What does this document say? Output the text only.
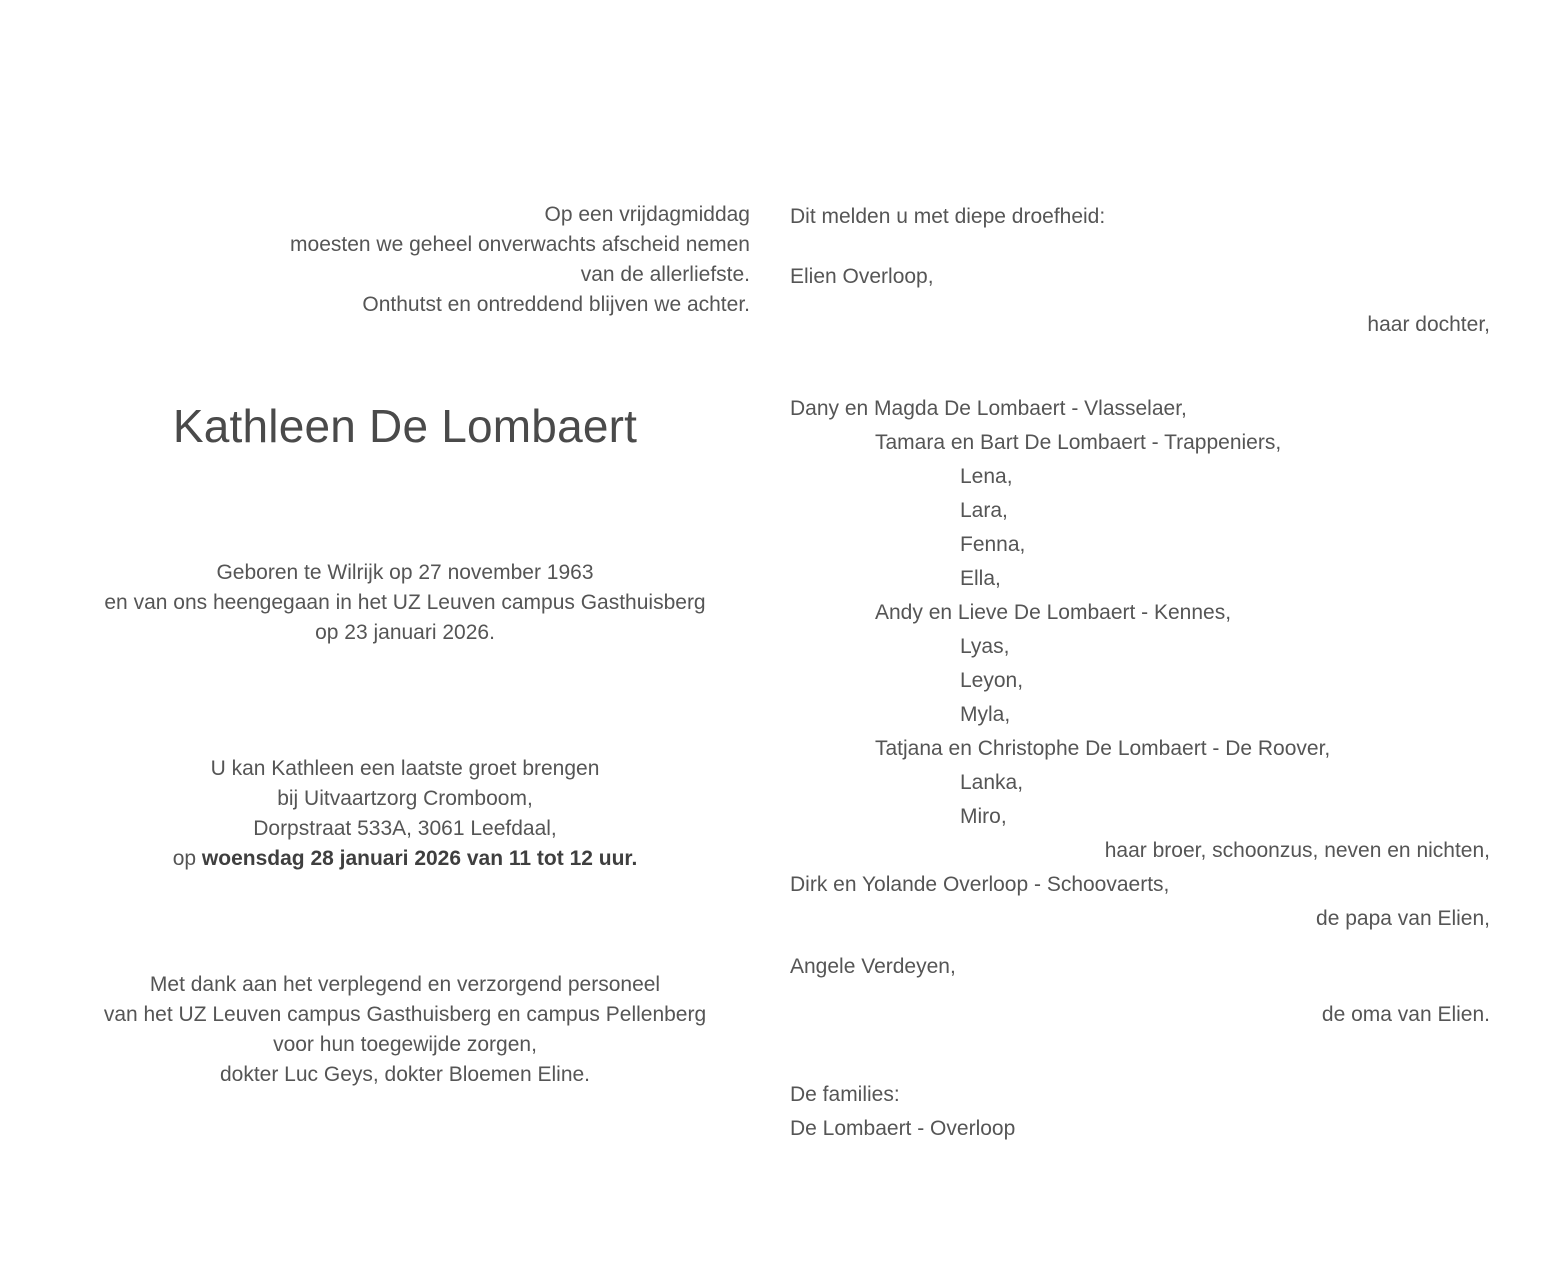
Op een vrijdagmiddag
moesten we geheel onverwachts afscheid nemen
van de allerliefste.
Onthutst en ontreddend blijven we achter.
Kathleen De Lombaert
Geboren te Wilrijk op 27 november 1963
en van ons heengegaan in het UZ Leuven campus Gasthuisberg
op 23 januari 2026.
U kan Kathleen een laatste groet brengen
bij Uitvaartzorg Cromboom,
Dorpstraat 533A, 3061 Leefdaal,
op woensdag 28 januari 2026 van 11 tot 12 uur.
Met dank aan het verplegend en verzorgend personeel
van het UZ Leuven campus Gasthuisberg en campus Pellenberg
voor hun toegewijde zorgen,
dokter Luc Geys, dokter Bloemen Eline.
Dit melden u met diepe droefheid:
Elien Overloop,
haar dochter,
Dany en Magda De Lombaert - Vlasselaer,
Tamara en Bart De Lombaert - Trappeniers,
Lena,
Lara,
Fenna,
Ella,
Andy en Lieve De Lombaert - Kennes,
Lyas,
Leyon,
Myla,
Tatjana en Christophe De Lombaert - De Roover,
Lanka,
Miro,
haar broer, schoonzus, neven en nichten,
Dirk en Yolande Overloop - Schoovaerts,
de papa van Elien,
Angele Verdeyen,
de oma van Elien.
De families:
De Lombaert - Overloop
